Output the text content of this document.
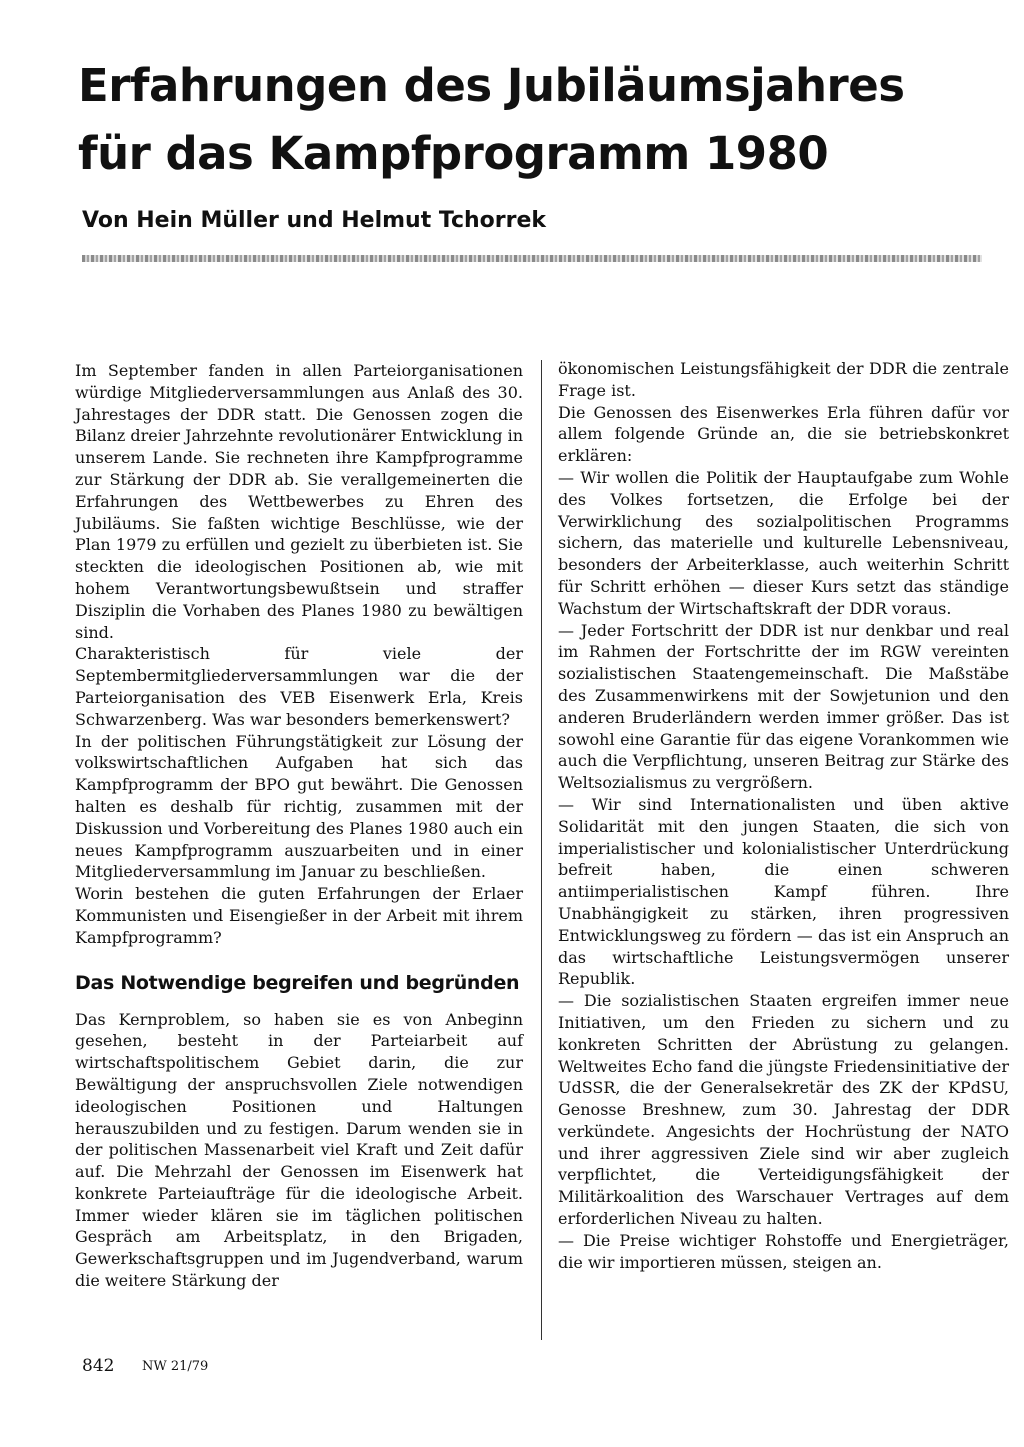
Erfahrungen des Jubiläumsjahres
für das Kampfprogramm 1980

Von Hein Müller und Helmut Tchorrek

Im September fanden in allen Parteiorganisationen würdige Mitgliederversammlungen aus Anlaß des 30. Jahrestages der DDR statt. Die Genossen zogen die Bilanz dreier Jahrzehnte revolutionärer Entwicklung in unserem Lande. Sie rechneten ihre Kampfprogramme zur Stärkung der DDR ab. Sie verallgemeinerten die Erfahrungen des Wettbewerbes zu Ehren des Jubiläums. Sie faßten wichtige Beschlüsse, wie der Plan 1979 zu erfüllen und gezielt zu überbieten ist. Sie steckten die ideologischen Positionen ab, wie mit hohem Verantwortungsbewußtsein und straffer Disziplin die Vorhaben des Planes 1980 zu bewältigen sind.

Charakteristisch für viele der Septembermitgliederversammlungen war die der Parteiorganisation des VEB Eisenwerk Erla, Kreis Schwarzenberg. Was war besonders bemerkenswert?

In der politischen Führungstätigkeit zur Lösung der volkswirtschaftlichen Aufgaben hat sich das Kampfprogramm der BPO gut bewährt. Die Genossen halten es deshalb für richtig, zusammen mit der Diskussion und Vorbereitung des Planes 1980 auch ein neues Kampfprogramm auszuarbeiten und in einer Mitgliederversammlung im Januar zu beschließen.

Worin bestehen die guten Erfahrungen der Erlaer Kommunisten und Eisengießer in der Arbeit mit ihrem Kampfprogramm?

Das Notwendige begreifen und begründen

Das Kernproblem, so haben sie es von Anbeginn gesehen, besteht in der Parteiarbeit auf wirtschaftspolitischem Gebiet darin, die zur Bewältigung der anspruchsvollen Ziele notwendigen ideologischen Positionen und Haltungen herauszubilden und zu festigen. Darum wenden sie in der politischen Massenarbeit viel Kraft und Zeit dafür auf. Die Mehrzahl der Genossen im Eisenwerk hat konkrete Parteiaufträge für die ideologische Arbeit. Immer wieder klären sie im täglichen politischen Gespräch am Arbeitsplatz, in den Brigaden, Gewerkschaftsgruppen und im Jugendverband, warum die weitere Stärkung der

ökonomischen Leistungsfähigkeit der DDR die zentrale Frage ist.

Die Genossen des Eisenwerkes Erla führen dafür vor allem folgende Gründe an, die sie betriebskonkret erklären:

— Wir wollen die Politik der Hauptaufgabe zum Wohle des Volkes fortsetzen, die Erfolge bei der Verwirklichung des sozialpolitischen Programms sichern, das materielle und kulturelle Lebensniveau, besonders der Arbeiterklasse, auch weiterhin Schritt für Schritt erhöhen — dieser Kurs setzt das ständige Wachstum der Wirtschaftskraft der DDR voraus.

— Jeder Fortschritt der DDR ist nur denkbar und real im Rahmen der Fortschritte der im RGW vereinten sozialistischen Staatengemeinschaft. Die Maßstäbe des Zusammenwirkens mit der Sowjetunion und den anderen Bruderländern werden immer größer. Das ist sowohl eine Garantie für das eigene Vorankommen wie auch die Verpflichtung, unseren Beitrag zur Stärke des Weltsozialismus zu vergrößern.

— Wir sind Internationalisten und üben aktive Solidarität mit den jungen Staaten, die sich von imperialistischer und kolonialistischer Unterdrückung befreit haben, die einen schweren antiimperialistischen Kampf führen. Ihre Unabhängigkeit zu stärken, ihren progressiven Entwicklungsweg zu fördern — das ist ein Anspruch an das wirtschaftliche Leistungsvermögen unserer Republik.

— Die sozialistischen Staaten ergreifen immer neue Initiativen, um den Frieden zu sichern und zu konkreten Schritten der Abrüstung zu gelangen. Weltweites Echo fand die jüngste Friedensinitiative der UdSSR, die der Generalsekretär des ZK der KPdSU, Genosse Breshnew, zum 30. Jahrestag der DDR verkündete. Angesichts der Hochrüstung der NATO und ihrer aggressiven Ziele sind wir aber zugleich verpflichtet, die Verteidigungsfähigkeit der Militärkoalition des Warschauer Vertrages auf dem erforderlichen Niveau zu halten.

— Die Preise wichtiger Rohstoffe und Energieträger, die wir importieren müssen, steigen an.

842 NW 21/79
